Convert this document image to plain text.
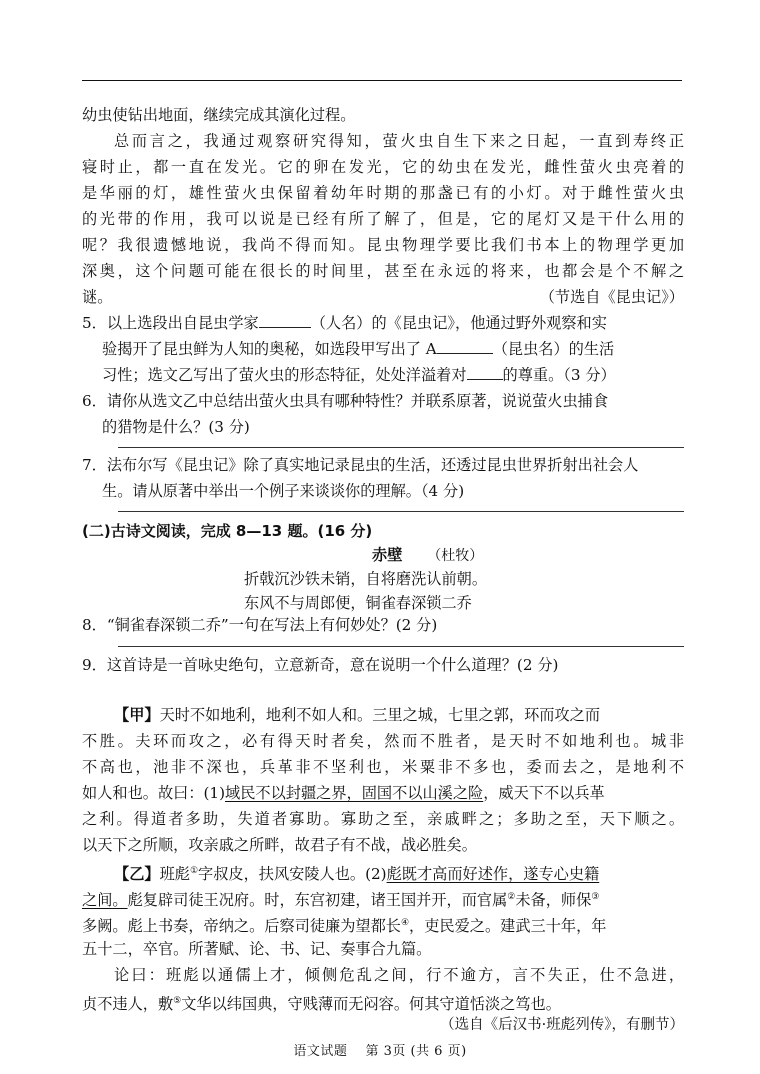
幼虫使钻出地面，继续完成其演化过程。
总而言之，我通过观察研究得知，萤火虫自生下来之日起，一直到寿终正
寝时止，都一直在发光。它的卵在发光，它的幼虫在发光，雌性萤火虫亮着的
是华丽的灯，雄性萤火虫保留着幼年时期的那盏已有的小灯。对于雌性萤火虫
的光带的作用，我可以说是已经有所了解了，但是，它的尾灯又是干什么用的
呢？我很遗憾地说，我尚不得而知。昆虫物理学要比我们书本上的物理学更加
深奥，这个问题可能在很长的时间里，甚至在永远的将来，也都会是个不解之
谜。	（节选自《昆虫记》）
5．以上选段出自昆虫学家	（人名）的《昆虫记》，他通过野外观察和实
验揭开了昆虫鲜为人知的奥秘，如选段甲写出了 A	（昆虫名）的生活
习性；选文乙写出了萤火虫的形态特征，处处洋溢着对 的尊重。（3 分）
6．请你从选文乙中总结出萤火虫具有哪种特性？并联系原著，说说萤火虫捕食
的猎物是什么？(3 分)
7．法布尔写《昆虫记》除了真实地记录昆虫的生活，还透过昆虫世界折射出社会人
生。请从原著中举出一个例子来谈谈你的理解。（4 分)
(二)古诗文阅读，完成 8—13 题。(16 分)
赤壁 （杜牧）
折戟沉沙铁未销，自将磨洗认前朝。
东风不与周郎便，铜雀春深锁二乔
8．“铜雀春深锁二乔”一句在写法上有何妙处？(2 分)
9．这首诗是一首咏史绝句，立意新奇，意在说明一个什么道理？(2 分)
【甲】天时不如地利，地利不如人和。三里之城，七里之郭，环而攻之而
不胜。夫环而攻之，必有得天时者矣，然而不胜者，是天时不如地利也。城非
不高也，池非不深也，兵革非不坚利也，米粟非不多也，委而去之，是地利不
如人和也。故曰：(1)域民不以封疆之界，固国不以山溪之险，威天下不以兵革
之利。得道者多助，失道者寡助。寡助之至，亲戚畔之；多助之至，天下顺之。
以天下之所顺，攻亲戚之所畔，故君子有不战，战必胜矣。
【乙】班彪①字叔皮，扶风安陵人也。(2)彪既才高而好述作，遂专心史籍
之间。彪复辟司徒王况府。时，东宫初建，诸王国并开，而官属②未备，师保③
多阙。彪上书奏，帝纳之。后察司徒廉为望都长④，吏民爱之。建武三十年，年
五十二，卒官。所著赋、论、书、记、奏事合九篇。
论曰：班彪以通儒上才，倾侧危乱之间，行不逾方，言不失正，仕不急进，
贞不违人，敷⑤文华以纬国典，守贱薄而无闷容。何其守道恬淡之笃也。
（选自《后汉书·班彪列传》，有删节）
语文试题　 第 3页 (共 6 页)
